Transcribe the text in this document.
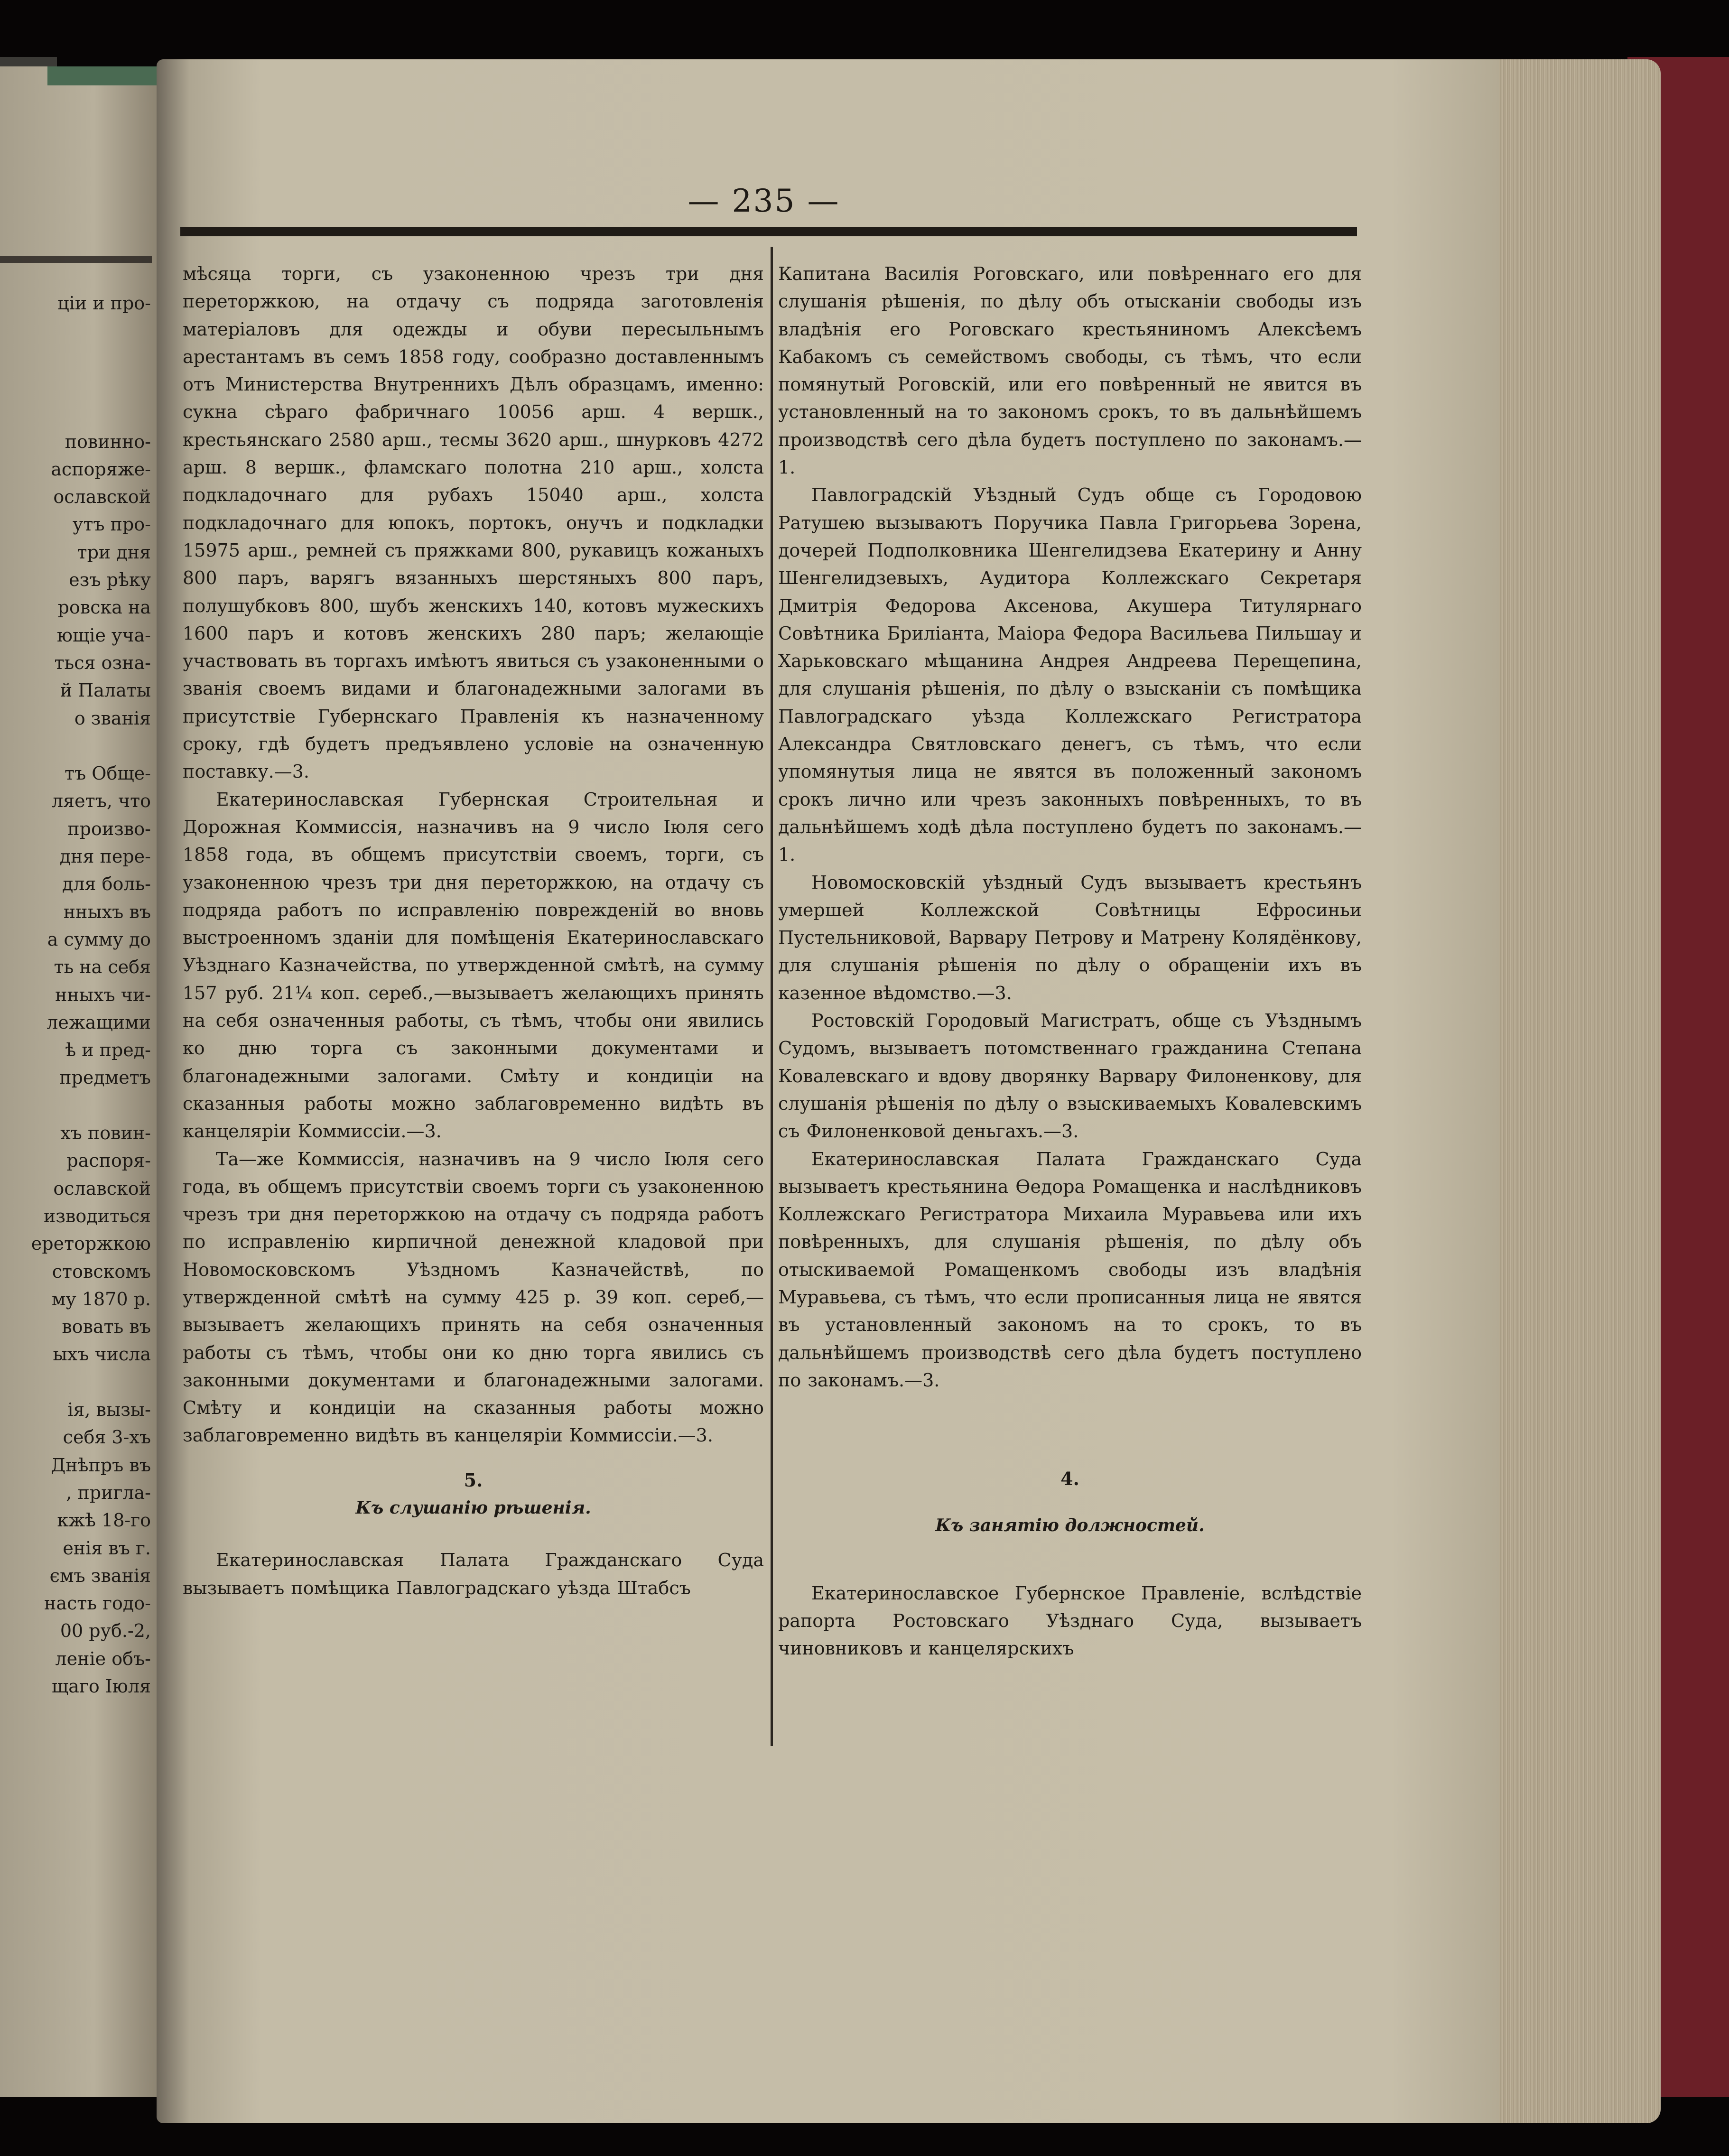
ціи и про-
повинно-
аспоряже-
ославской
утъ про-
три дня
езъ рѣку
ровска на
ющіе уча-
ться озна-
й Палаты
о званія
тъ Обще-
ляетъ, что
произво-
дня пере-
для боль-
нныхъ въ
а сумму до
ть на себя
нныхъ чи-
лежащими
ѣ и пред-
предметъ
хъ повин-
распоря-
ославской
изводиться
ереторжкою
стовскомъ
му 1870 р.
вовать въ
ыхъ числа
ія, вызы-
себя 3-хъ
Днѣпръ въ
, пригла-
кжѣ 18-го
енія въ г.
ємъ званія
насть годо-
00 руб.-2,
леніе объ-
щаго Іюля
— 235 —

мѣсяца торги, съ узаконенною чрезъ три дня переторжкою, на отдачу съ подряда заготовленія матеріаловъ для одежды и обуви пересыльнымъ арестантамъ въ семъ 1858 году, сообразно доставленнымъ отъ Министерства Внутреннихъ Дѣлъ образцамъ, именно: сукна сѣраго фабричнаго 10056 арш. 4 вершк., крестьянскаго 2580 арш., тесмы 3620 арш., шнурковъ 4272 арш. 8 вершк., фламскаго полотна 210 арш., холста подкладочнаго для рубахъ 15040 арш., холста подкладочнаго для юпокъ, портокъ, онучъ и подкладки 15975 арш., ремней съ пряжками 800, рукавицъ кожаныхъ 800 паръ, варягъ вязанныхъ шерстяныхъ 800 паръ, полушубковъ 800, шубъ женскихъ 140, котовъ мужескихъ 1600 паръ и котовъ женскихъ 280 паръ; желающіе участвовать въ торгахъ имѣютъ явиться съ узаконенными о званія своемъ видами и благонадежными залогами въ присутствіе Губернскаго Правленія къ назначенному сроку, гдѣ будетъ предъявлено условіе на означенную поставку.—3.

Екатеринославская Губернская Строительная и Дорожная Коммиссія, назначивъ на 9 число Іюля сего 1858 года, въ общемъ присутствіи своемъ, торги, съ узаконенною чрезъ три дня переторжкою, на отдачу съ подряда работъ по исправленію поврежденій во вновь выстроенномъ зданіи для помѣщенія Екатеринославскаго Уѣзднаго Казначейства, по утвержденной смѣтѣ, на сумму 157 руб. 21¼ коп. сереб.,—вызываетъ желающихъ принять на себя означенныя работы, съ тѣмъ, чтобы они явились ко дню торга съ законными документами и благонадежными залогами. Смѣту и кондиціи на сказанныя работы можно заблаговременно видѣть въ канцеляріи Коммиссіи.—3.

Та—же Коммиссія, назначивъ на 9 число Іюля сего года, въ общемъ присутствіи своемъ торги съ узаконенною чрезъ три дня переторжкою на отдачу съ подряда работъ по исправленію кирпичной денежной кладовой при Новомосковскомъ Уѣздномъ Казначействѣ, по утвержденной смѣтѣ на сумму 425 р. 39 коп. сереб,—вызываетъ желающихъ принять на себя означенныя работы съ тѣмъ, чтобы они ко дню торга явились съ законными документами и благонадежными залогами. Смѣту и кондиціи на сказанныя работы можно заблаговременно видѣть въ канцеляріи Коммиссіи.—3.

5.
Къ слушанію рѣшенія.

Екатеринославская Палата Гражданскаго Суда вызываетъ помѣщика Павлоградскаго уѣзда Штабсъ

Капитана Василія Роговскаго, или повѣреннаго его для слушанія рѣшенія, по дѣлу объ отысканіи свободы изъ владѣнія его Роговскаго крестьяниномъ Алексѣемъ Кабакомъ съ семействомъ свободы, съ тѣмъ, что если помянутый Роговскій, или его повѣренный не явится въ установленный на то закономъ срокъ, то въ дальнѣйшемъ производствѣ сего дѣла будетъ поступлено по законамъ.—1.

Павлоградскій Уѣздный Судъ обще съ Городовою Ратушею вызываютъ Поручика Павла Григорьева Зорена, дочерей Подполковника Шенгелидзева Екатерину и Анну Шенгелидзевыхъ, Аудитора Коллежскаго Секретаря Дмитрія Федорова Аксенова, Акушера Титулярнаго Совѣтника Бриліанта, Маіора Федора Васильева Пильшау и Харьковскаго мѣщанина Андрея Андреева Перещепина, для слушанія рѣшенія, по дѣлу о взысканіи съ помѣщика Павлоградскаго уѣзда Коллежскаго Регистратора Александра Святловскаго денегъ, съ тѣмъ, что если упомянутыя лица не явятся въ положенный закономъ срокъ лично или чрезъ законныхъ повѣренныхъ, то въ дальнѣйшемъ ходѣ дѣла поступлено будетъ по законамъ.—1.

Новомосковскій уѣздный Судъ вызываетъ крестьянъ умершей Коллежской Совѣтницы Ефросиньи Пустельниковой, Варвару Петрову и Матрену Колядёнкову, для слушанія рѣшенія по дѣлу о обращеніи ихъ въ казенное вѣдомство.—3.

Ростовскій Городовый Магистратъ, обще съ Уѣзднымъ Судомъ, вызываетъ потомственнаго гражданина Степана Ковалевскаго и вдову дворянку Варвару Филоненкову, для слушанія рѣшенія по дѣлу о взыскиваемыхъ Ковалевскимъ съ Филоненковой деньгахъ.—3.

Екатеринославская Палата Гражданскаго Суда вызываетъ крестьянина Ѳедора Ромащенка и наслѣдниковъ Коллежскаго Регистратора Михаила Муравьева или ихъ повѣренныхъ, для слушанія рѣшенія, по дѣлу объ отыскиваемой Ромащенкомъ свободы изъ владѣнія Муравьева, съ тѣмъ, что если прописанныя лица не явятся въ установленный закономъ на то срокъ, то въ дальнѣйшемъ производствѣ сего дѣла будетъ поступлено по законамъ.—3.

4.
Къ занятію должностей.

Екатеринославское Губернское Правленіе, вслѣдствіе рапорта Ростовскаго Уѣзднаго Суда, вызываетъ чиновниковъ и канцелярскихъ
